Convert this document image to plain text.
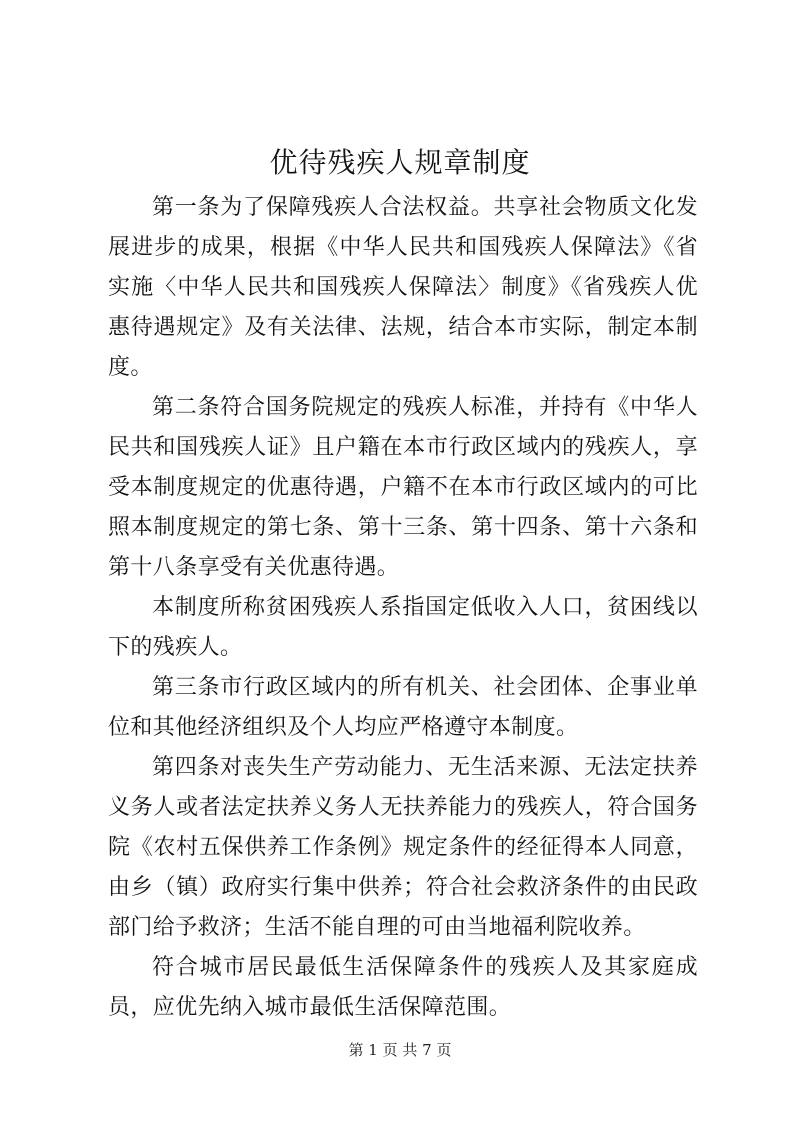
优待残疾人规章制度

第一条为了保障残疾人合法权益。共享社会物质文化发展进步的成果，根据《中华人民共和国残疾人保障法》《省实施〈中华人民共和国残疾人保障法〉制度》《省残疾人优惠待遇规定》及有关法律、法规，结合本市实际，制定本制度。

第二条符合国务院规定的残疾人标准，并持有《中华人民共和国残疾人证》且户籍在本市行政区域内的残疾人，享受本制度规定的优惠待遇，户籍不在本市行政区域内的可比照本制度规定的第七条、第十三条、第十四条、第十六条和第十八条享受有关优惠待遇。

本制度所称贫困残疾人系指国定低收入人口，贫困线以下的残疾人。

第三条市行政区域内的所有机关、社会团体、企事业单位和其他经济组织及个人均应严格遵守本制度。

第四条对丧失生产劳动能力、无生活来源、无法定扶养义务人或者法定扶养义务人无扶养能力的残疾人，符合国务院《农村五保供养工作条例》规定条件的经征得本人同意，由乡（镇）政府实行集中供养；符合社会救济条件的由民政部门给予救济；生活不能自理的可由当地福利院收养。

符合城市居民最低生活保障条件的残疾人及其家庭成员，应优先纳入城市最低生活保障范围。

第 1 页 共 7 页
